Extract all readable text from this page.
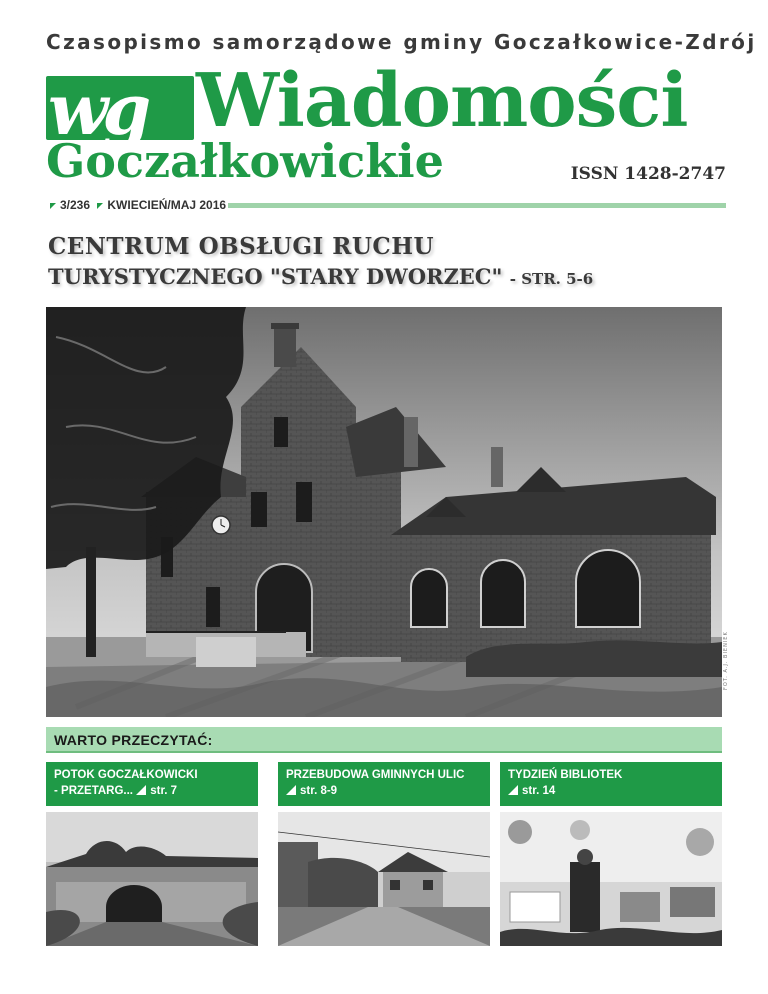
Czasopismo samorządowe gminy Goczałkowice-Zdrój
wg Wiadomości
Goczałkowickie	ISSN 1428-2747
3/236 KWIECIEŃ/MAJ 2016
CENTRUM OBSŁUGI RUCHU
TURYSTYCZNEGO "STARY DWORZEC" - STR. 5-6
FOT. A.J. BIENIEK
WARTO PRZECZYTAĆ:
POTOK GOCZAŁKOWICKI
- PRZETARG... str. 7
PRZEBUDOWA GMINNYCH ULIC
str. 8-9
TYDZIEŃ BIBLIOTEK
str. 14
